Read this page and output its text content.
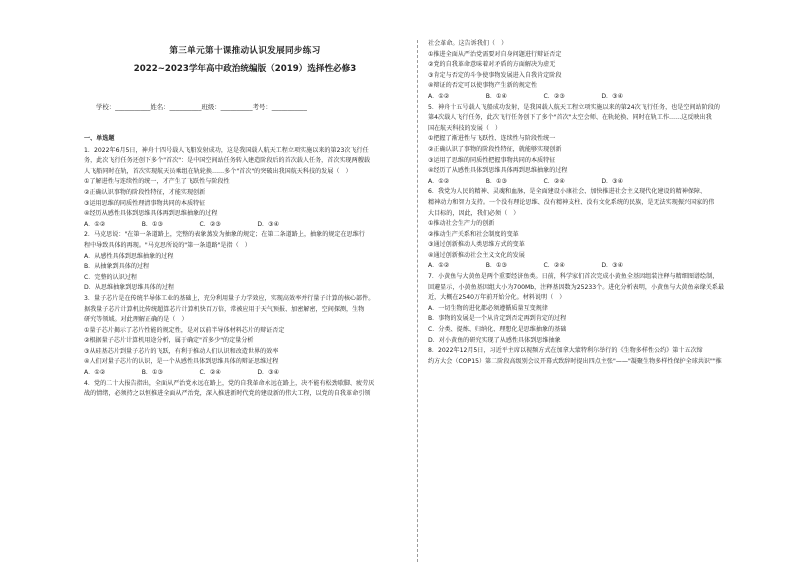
第三单元第十课推动认识发展同步练习
2022~2023学年高中政治统编版（2019）选择性必修3
学校：___________姓名：__________班级：__________考号：___________

一、单选题

1．2022年6月5日，神舟十四号载人飞船发射成功，这是我国载人航天工程立项实施以来的第23次飞行任

务，此次飞行任务还创下多个"首次"：是中国空间站任务转入建造阶段后的首次载人任务，首次实现两艘载

人飞船同时在轨，首次实现航天员乘组在轨轮换……多个"首次"的突破出我国航天科技的发展（　）

①了解进性与连续性的统一，才产生了飞跃性与阶段性

②正确认识事物的阶段性特征，才能实现创新

③运用思维的同质性理清事物共同的本质特征

④经历从感性具体到思维具体再到思维抽象的过程

A．①②　　　　　　B．①③　　　　　　C．②③　　　　　　D．③④

2．马克思说："在第一条道路上，完整的表象蒸发为抽象的规定；在第二条道路上，抽象的规定在思维行

程中导致具体的再现。"马克思所说的"第一条道路"是指（　）

A．从感性具体到思维抽象的过程

B．从抽象到具体的过程

C．完整的认识过程

D．从思维抽象到思维具体的过程

3．量子芯片是在传统半导体工业的基础上，充分利用量子力学效应，实现高效率并行量子计算的核心部件。

据我量子芯片计算机比传统超算芯片计算机快百万倍，常被应用于天气预报、加密解密，空间探测，生物

研究等领域。对此理解正确的是（　）

①量子芯片揭示了芯片性能的规定性，是对以前半导体材料芯片的辩证否定

②根据量子芯片计算机用途分析，属于确定"首多少"的定量分析

③从硅基芯片到量子芯片的飞跃，有利于推动人们认识和改造世界的效率

④人们对量子芯片的认识，是一个从感性具体到思维具体的辩证思维过程

A．①②　　　　　　B．①③　　　　　　C．②④　　　　　　D．③④

4．党的二十大报告指出，全面从严治党永远在路上，党的自我革命永远在路上，决不能有松劲歇脚、疲劳厌

战的情绪，必须持之以恒推进全面从严治党，深入推进新时代党的建设新的伟大工程，以党的自我革命引领

社会革命。这告诉我们（　）

①推进全面从严治党需要对自身问题进行辩证否定

②党的自我革命意味着对矛盾的方面解决为虚无

③肯定与否定的斗争使事物发展进入自我肯定阶段

④辩证的否定可以使事物产生新的规定性

A．①②　　　　　　B．①④　　　　　　C．②③　　　　　　D．③④

5．神舟十五号载人飞船成功发射，是我国载人航天工程立项实施以来的第24次飞行任务，也是空间站阶段的

第4次载人飞行任务，此次飞行任务创下了多个"首次"太空会师、在轨轮换、同时在轨工作……这反映出我

国在航天科技的发展（　）

①把握了渐进性与飞跃性、连续性与阶段性统一

②正确认识了事物的阶段性特征，就能够实现创新

③运用了思维的同质性把握事物共同的本质特征

④经历了从感性具体到思维具体再到思维抽象的过程

A．①②　　　　　　B．①③　　　　　　C．②④　　　　　　D．③④

6．我党为人民的精神、灵魂和血脉，是全面建设小康社会、加快推进社会主义现代化建设的精神保障、

精神动力和智力支持。一个没有理论思维、没有精神支柱、没有文化系统的民族，是无法实现振兴国家的伟

大目标的，因此，我们必须（　）

①推动社会生产力的创新

②推动生产关系和社会制度的变革

③通过创新推动人类思维方式的变革

④通过创新推动社会主义文化的发展

A．①②　　　　　　B．①③　　　　　　C．②④　　　　　　D．③④

7．小黄鱼与大黄鱼是两个重要经济鱼类。日前，科学家们首次完成小黄鱼全基因组装注释与精细图谱绘制，

回避显示，小黄鱼基因组大小为700Mb，注释基因数为25233个。进化分析表明，小黄鱼与大黄鱼亲缘关系最

近，大概在2540万年前开始分化。材料说明（　）

A．一切生物的进化都必须遵循质量互变规律

B．事物的发展是一个从肯定到否定再到肯定的过程

C．分类、提炼、归纳化、理想化是思维抽象的基础

D．对小黄鱼的研究实现了从感性具体到思维抽象

8．2022年12月5日，习近平主席以视频方式在加拿大蒙特利尔举行的《生物多样性公约》第十五次缔

约方大会（COP15）第二阶段高级别会议开幕式致辞时提出四点主张"——"凝聚生物多样性保护全球共识""推
